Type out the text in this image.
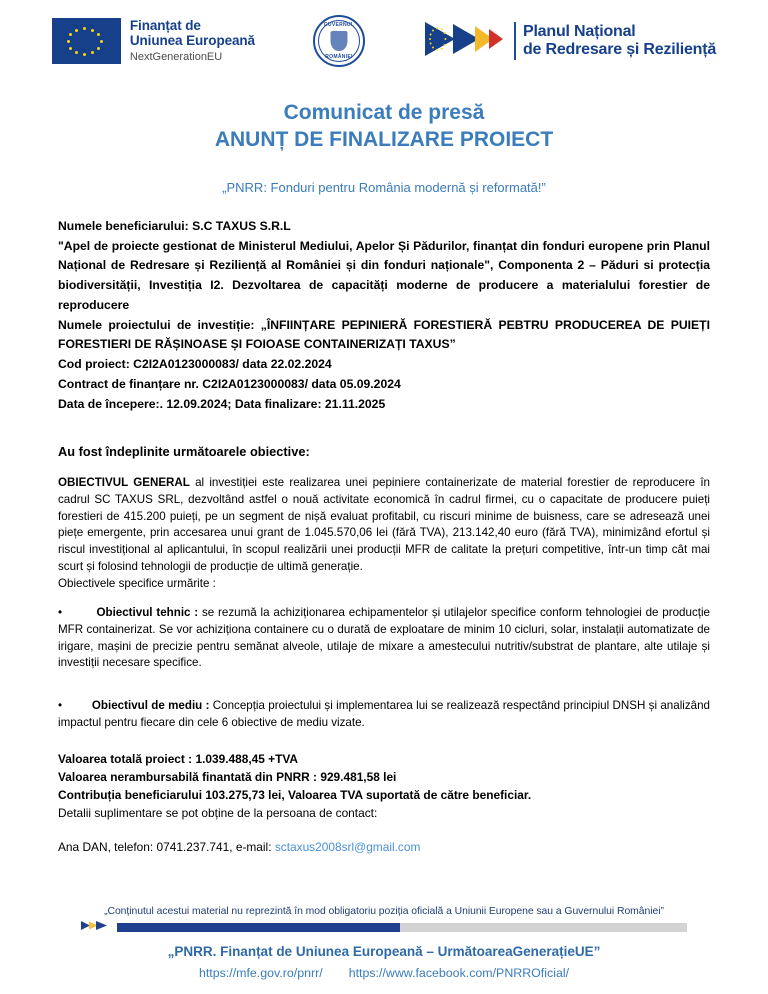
Finanțat de
Uniunea Europeană
NextGenerationEU
GUVERNUL
ROMÂNIEI
Planul Național
de Redresare și Reziliență
Comunicat de presă
ANUNȚ DE FINALIZARE PROIECT
„PNRR: Fonduri pentru România modernă și reformată!”
Numele beneficiarului: S.C TAXUS S.R.L
"Apel de proiecte gestionat de Ministerul Mediului, Apelor Și Pădurilor, finanțat din fonduri europene prin Planul Național de Redresare și Reziliență al României și din fonduri naționale", Componenta 2 – Păduri si protecția biodiversității, Investiția I2. Dezvoltarea de capacități moderne de producere a materialului forestier de reproducere
Numele proiectului de investiție: „ÎNFIINȚARE PEPINIERĂ FORESTIERĂ PEBTRU PRODUCEREA DE PUIEȚI FORESTIERI DE RĂȘINOASE ȘI FOIOASE CONTAINERIZAȚI TAXUS”
Cod proiect: C2I2A0123000083/ data 22.02.2024
Contract de finanțare nr. C2I2A0123000083/ data 05.09.2024
Data de începere:. 12.09.2024; Data finalizare: 21.11.2025
Au fost îndeplinite următoarele obiective:
OBIECTIVUL GENERAL al investiției este realizarea unei pepiniere containerizate de material forestier de reproducere în cadrul SC TAXUS SRL, dezvoltând astfel o nouă activitate economică în cadrul firmei, cu o capacitate de producere puieți forestieri de 415.200 puieți, pe un segment de nișă evaluat profitabil, cu riscuri minime de buisness, care se adresează unei piețe emergente, prin accesarea unui grant de 1.045.570,06 lei (fără TVA), 213.142,40 euro (fără TVA), minimizând efortul și riscul investițional al aplicantului, în scopul realizării unei producții MFR de calitate la prețuri competitive, într-un timp cât mai scurt și folosind tehnologii de producție de ultimă generație.
Obiectivele specifice urmărite :
•	Obiectivul tehnic : se rezumă la achiziționarea echipamentelor și utilajelor specifice conform tehnologiei de producție MFR containerizat. Se vor achiziționa containere cu o durată de exploatare de minim 10 cicluri, solar, instalații automatizate de irigare, mașini de precizie pentru semănat alveole, utilaje de mixare a amestecului nutritiv/substrat de plantare, alte utilaje și investiții necesare specifice.
•	Obiectivul de mediu : Concepția proiectului și implementarea lui se realizează respectând principiul DNSH și analizând impactul pentru fiecare din cele 6 obiective de mediu vizate.
Valoarea totală proiect : 1.039.488,45 +TVA
Valoarea nerambursabilă finantată din PNRR : 929.481,58 lei
Contribuția beneficiarului 103.275,73 lei, Valoarea TVA suportată de către beneficiar.
Detalii suplimentare se pot obține de la persoana de contact:
Ana DAN, telefon: 0741.237.741, e-mail: sctaxus2008srl@gmail.com
„Conținutul acestui material nu reprezintă în mod obligatoriu poziția oficială a Uniunii Europene sau a Guvernului României”
„PNRR. Finanțat de Uniunea Europeană – UrmătoareaGenerațieUE”
https://mfe.gov.ro/pnrr/ https://www.facebook.com/PNRROficial/
